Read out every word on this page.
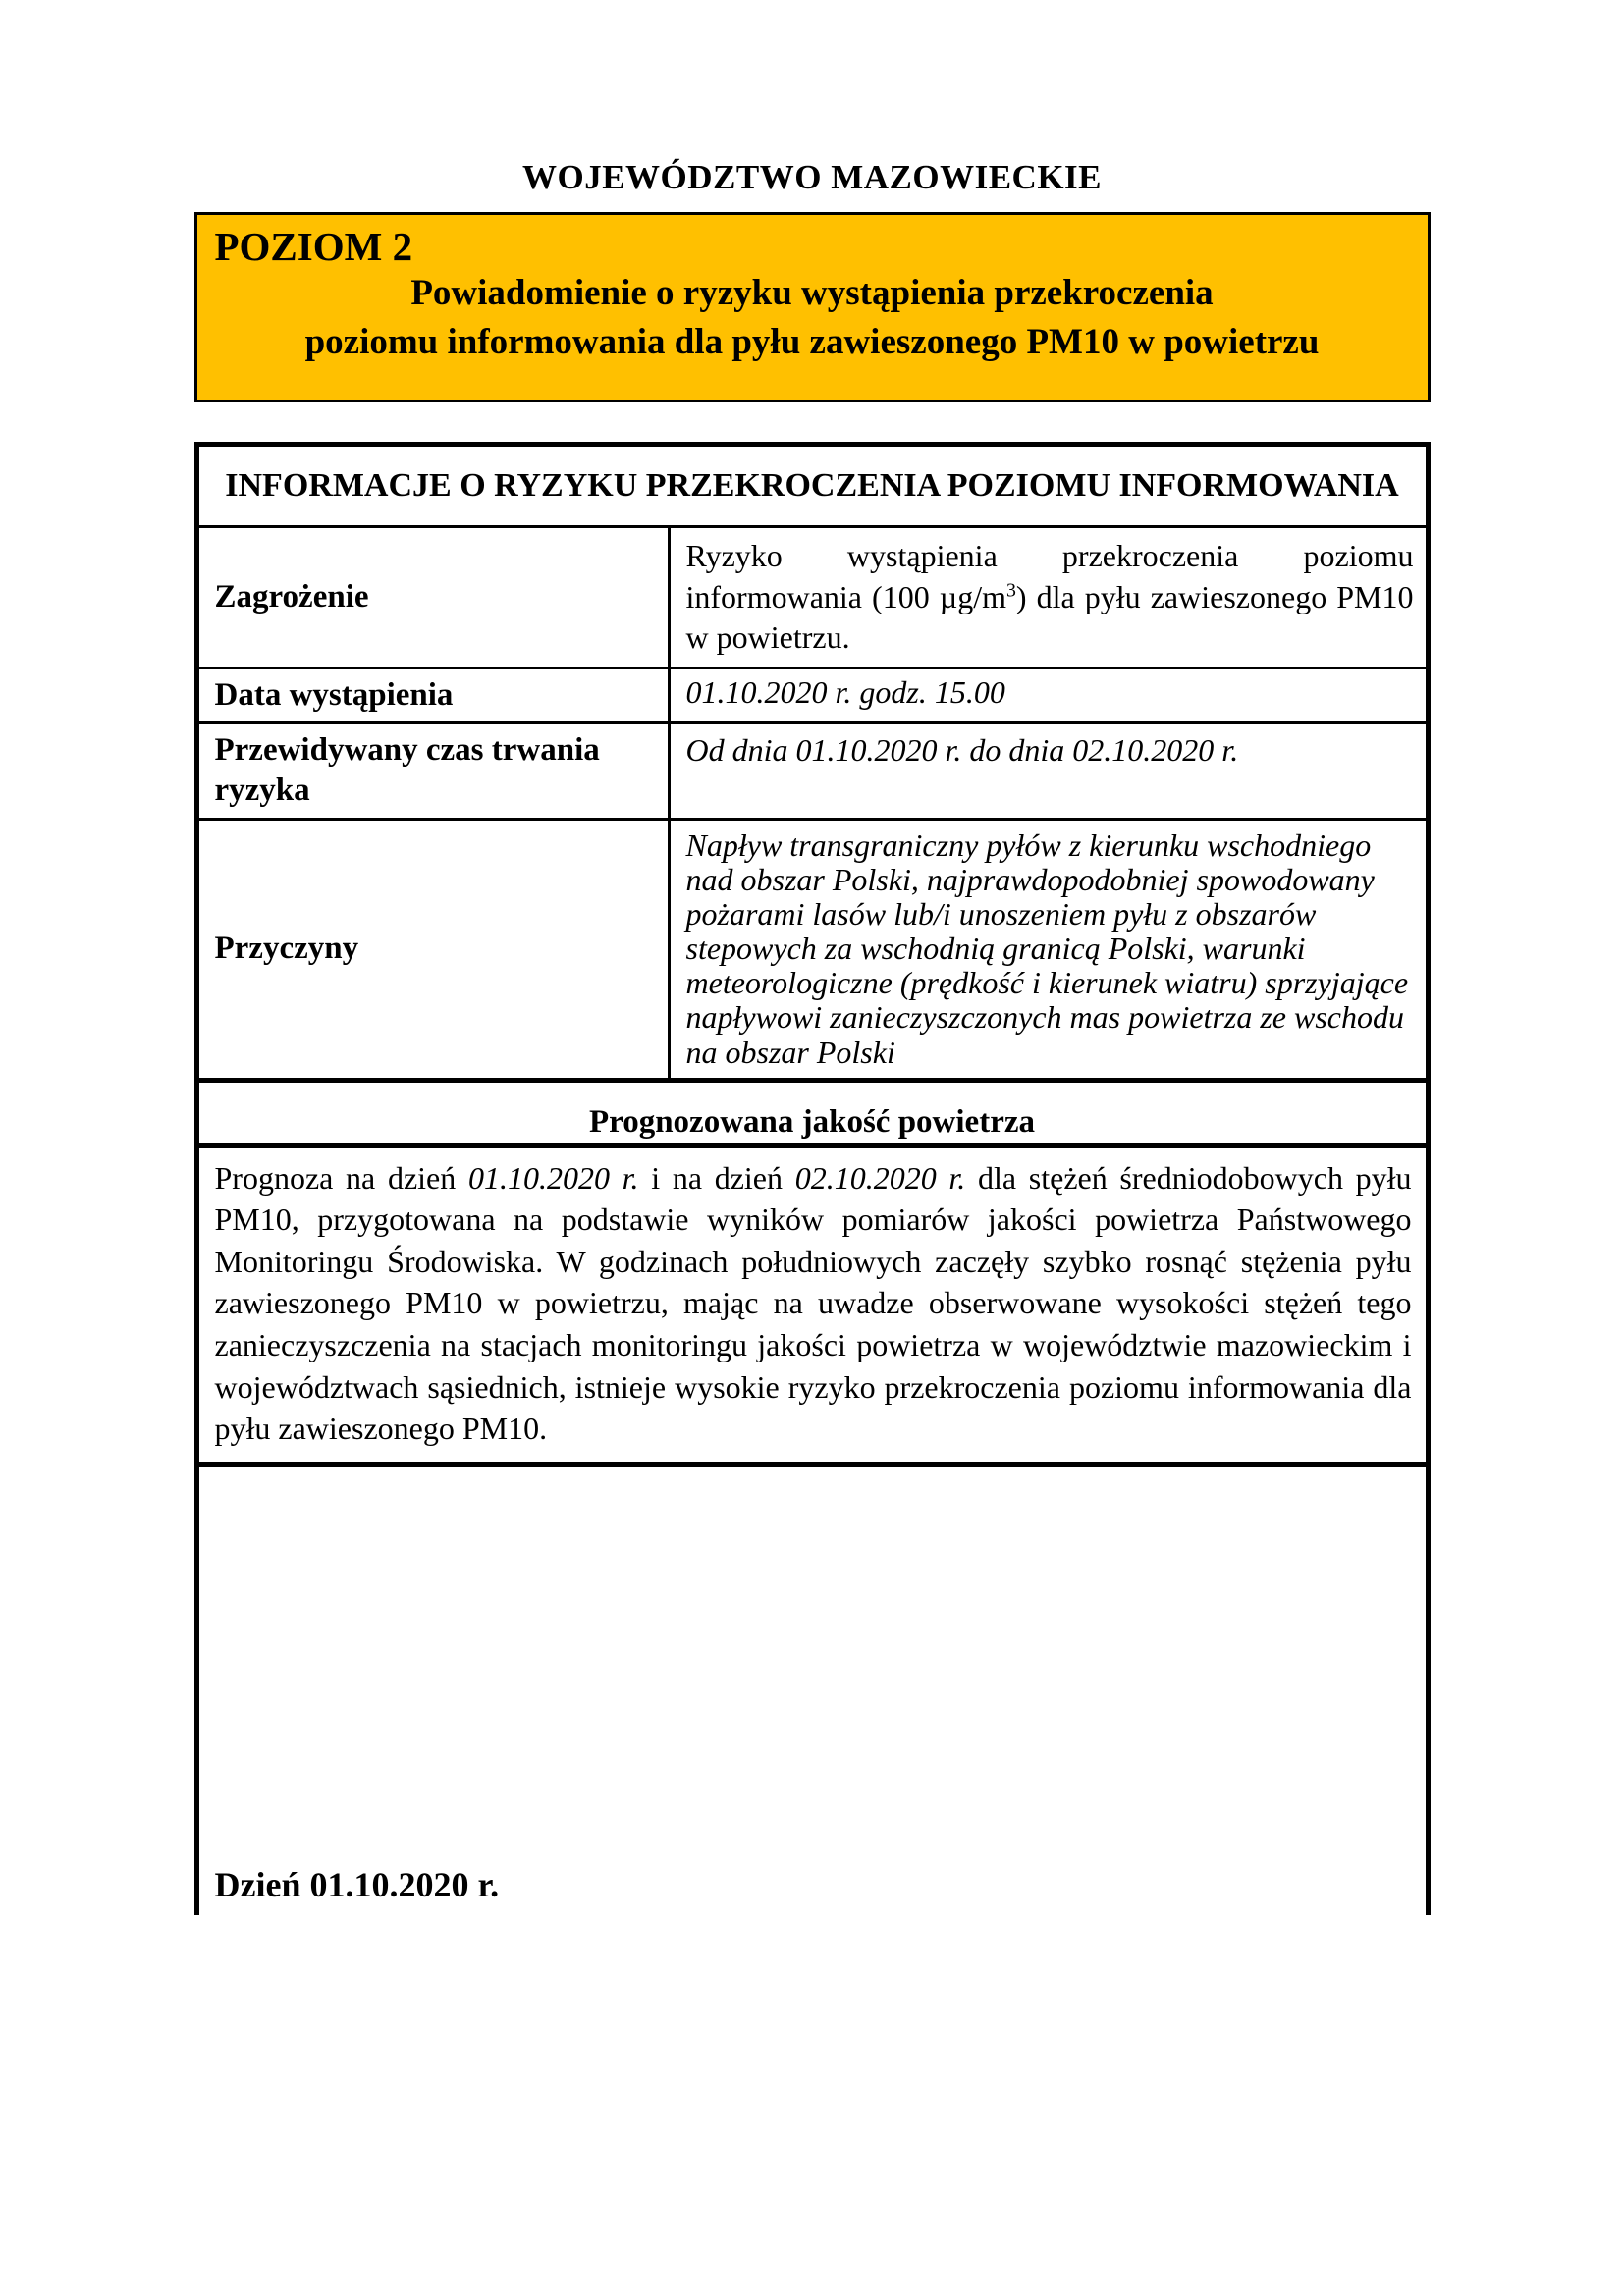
WOJEWÓDZTWO MAZOWIECKIE
POZIOM 2
Powiadomienie o ryzyku wystąpienia przekroczenia
poziomu informowania dla pyłu zawieszonego PM10 w powietrzu
INFORMACJE O RYZYKU PRZEKROCZENIA POZIOMU INFORMOWANIA
Zagrożenie
Ryzyko wystąpienia przekroczenia poziomu informowania (100 $\mu g/m^3$) dla pyłu zawieszonego PM10 w powietrzu.
Data wystąpienia	01.10.2020 r. godz. 15.00
Przewidywany czas trwania ryzyka
Od dnia 01.10.2020 r. do dnia 02.10.2020 r.
Przyczyny
Napływ transgraniczny pyłów z kierunku wschodniego nad obszar Polski, najprawdopodobniej spowodowany pożarami lasów lub/i unoszeniem pyłu z obszarów stepowych za wschodnią granicą Polski, warunki meteorologiczne (prędkość i kierunek wiatru) sprzyjające napływowi zanieczyszczonych mas powietrza ze wschodu na obszar Polski
Prognozowana jakość powietrza
Prognoza na dzień 01.10.2020 r. i na dzień 02.10.2020 r. dla stężeń średniodobowych pyłu PM10, przygotowana na podstawie wyników pomiarów jakości powietrza Państwowego Monitoringu Środowiska. W godzinach południowych zaczęły szybko rosnąć stężenia pyłu zawieszonego PM10 w powietrzu, mając na uwadze obserwowane wysokości stężeń tego zanieczyszczenia na stacjach monitoringu jakości powietrza w województwie mazowieckim i województwach sąsiednich, istnieje wysokie ryzyko przekroczenia poziomu informowania dla pyłu zawieszonego PM10.
Dzień 01.10.2020 r.
